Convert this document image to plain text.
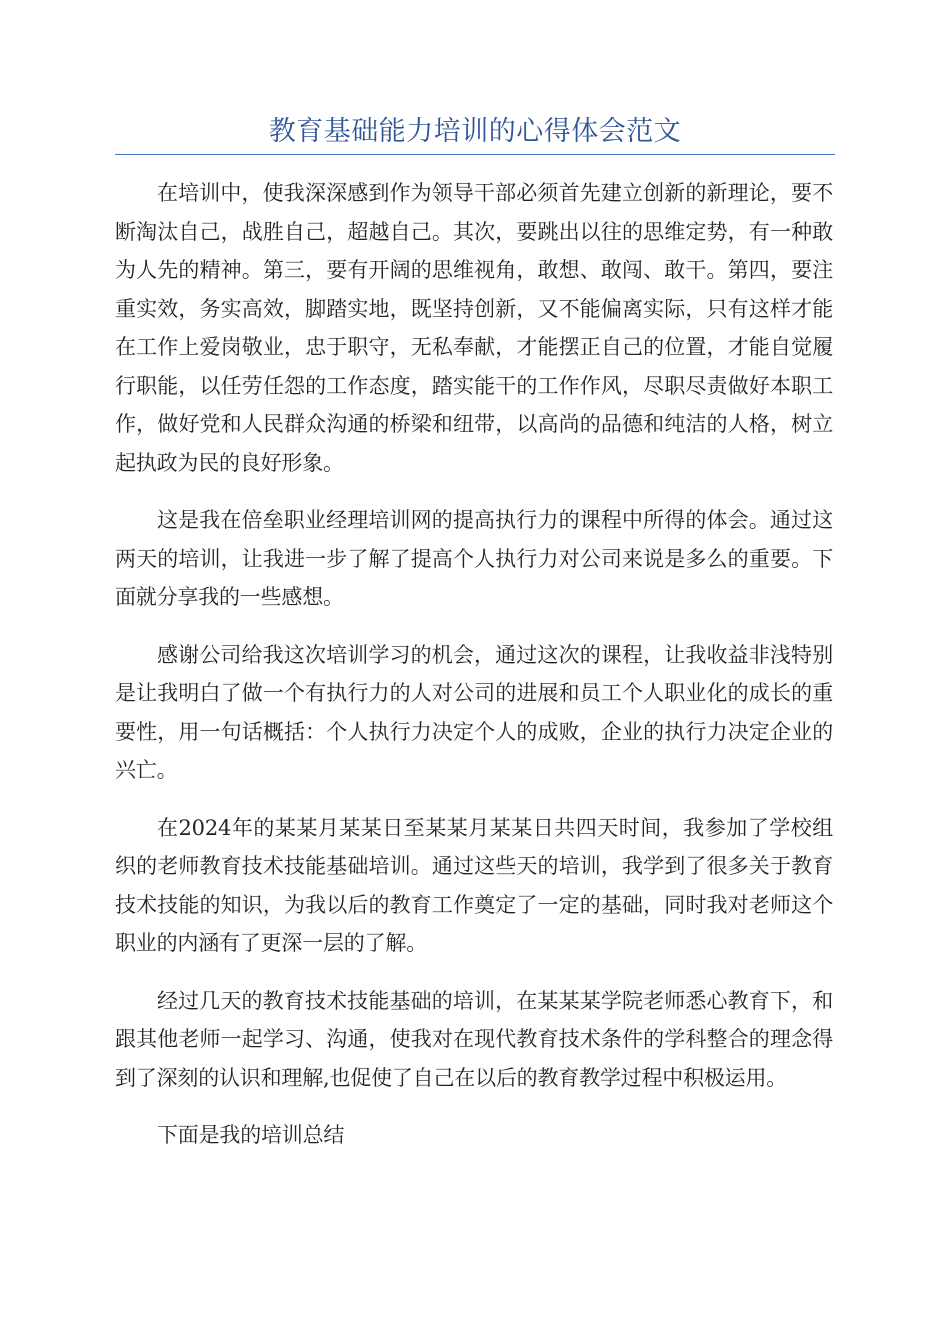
教育基础能力培训的心得体会范文

在培训中，使我深深感到作为领导干部必须首先建立创新的新理论，要不断淘汰自己，战胜自己，超越自己。其次，要跳出以往的思维定势，有一种敢为人先的精神。第三，要有开阔的思维视角，敢想、敢闯、敢干。第四，要注重实效，务实高效，脚踏实地，既坚持创新，又不能偏离实际，只有这样才能在工作上爱岗敬业，忠于职守，无私奉献，才能摆正自己的位置，才能自觉履行职能，以任劳任怨的工作态度，踏实能干的工作作风，尽职尽责做好本职工作，做好党和人民群众沟通的桥梁和纽带，以高尚的品德和纯洁的人格，树立起执政为民的良好形象。

这是我在倍垒职业经理培训网的提高执行力的课程中所得的体会。通过这两天的培训，让我进一步了解了提高个人执行力对公司来说是多么的重要。下面就分享我的一些感想。

感谢公司给我这次培训学习的机会，通过这次的课程，让我收益非浅特别是让我明白了做一个有执行力的人对公司的进展和员工个人职业化的成长的重要性，用一句话概括：个人执行力决定个人的成败，企业的执行力决定企业的兴亡。

在2024年的某某月某某日至某某月某某日共四天时间，我参加了学校组织的老师教育技术技能基础培训。通过这些天的培训，我学到了很多关于教育技术技能的知识，为我以后的教育工作奠定了一定的基础，同时我对老师这个职业的内涵有了更深一层的了解。

经过几天的教育技术技能基础的培训，在某某某学院老师悉心教育下，和跟其他老师一起学习、沟通，使我对在现代教育技术条件的学科整合的理念得到了深刻的认识和理解,也促使了自己在以后的教育教学过程中积极运用。

下面是我的培训总结
